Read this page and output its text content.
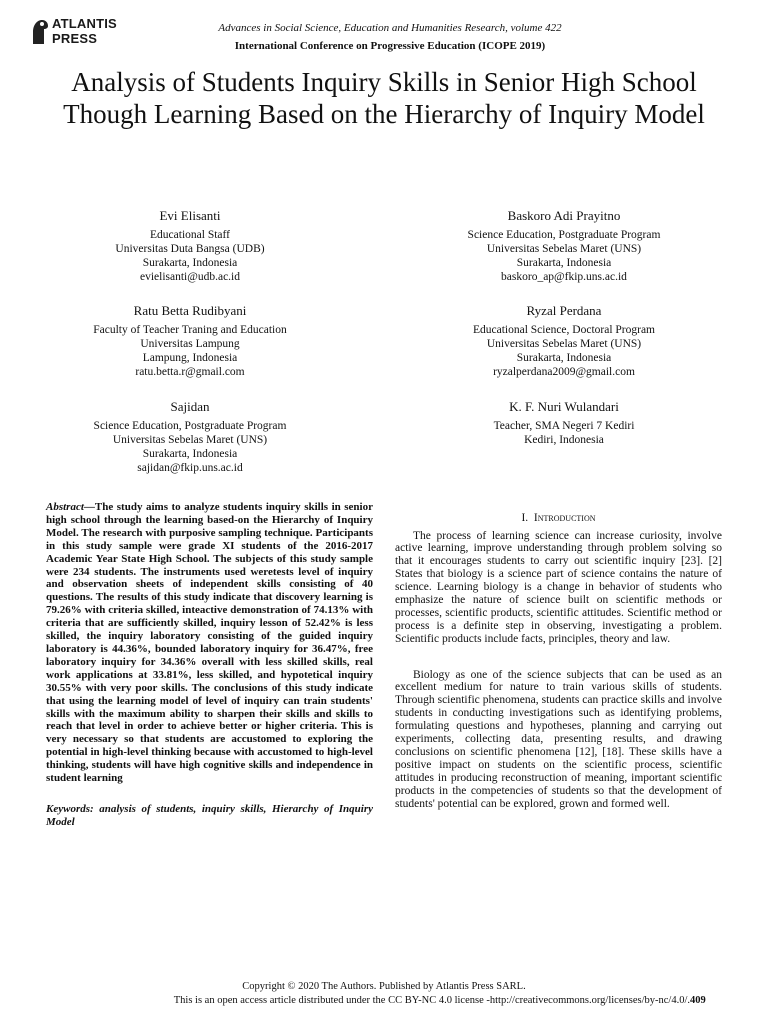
ATLANTIS
PRESS
Advances in Social Science, Education and Humanities Research, volume 422
International Conference on Progressive Education (ICOPE 2019)
Analysis of Students Inquiry Skills in Senior High School Though Learning Based on the Hierarchy of Inquiry Model
Evi Elisanti
Educational Staff
Universitas Duta Bangsa (UDB)
Surakarta, Indonesia
evielisanti@udb.ac.id
Baskoro Adi Prayitno
Science Education, Postgraduate Program
Universitas Sebelas Maret (UNS)
Surakarta, Indonesia
baskoro_ap@fkip.uns.ac.id
Ratu Betta Rudibyani
Faculty of Teacher Traning and Education
Universitas Lampung
Lampung, Indonesia
ratu.betta.r@gmail.com
Ryzal Perdana
Educational Science, Doctoral Program
Universitas Sebelas Maret (UNS)
Surakarta, Indonesia
ryzalperdana2009@gmail.com
Sajidan
Science Education, Postgraduate Program
Universitas Sebelas Maret (UNS)
Surakarta, Indonesia
sajidan@fkip.uns.ac.id
K. F. Nuri Wulandari
Teacher, SMA Negeri 7 Kediri
Kediri, Indonesia
Abstract—The study aims to analyze students inquiry skills in senior high school through the learning based-on the Hierarchy of Inquiry Model. The research with purposive sampling technique. Participants in this study sample were grade XI students of the 2016-2017 Academic Year State High School. The subjects of this study sample were 234 students. The instruments used weretests level of inquiry and observation sheets of independent skills consisting of 40 questions. The results of this study indicate that discovery learning is 79.26% with criteria skilled, inteactive demonstration of 74.13% with criteria that are sufficiently skilled, inquiry lesson of 52.42% is less skilled, the inquiry laboratory consisting of the guided inquiry laboratory is 44.36%, bounded laboratory inquiry for 36.47%, free laboratory inquiry for 34.36% overall with less skilled skills, real work applications at 33.81%, less skilled, and hypotetical inquiry 30.55% with very poor skills. The conclusions of this study indicate that using the learning model of level of inquiry can train students' skills with the maximum ability to sharpen their skills and skills to reach that level in order to achieve better or higher criteria. This is very necessary so that students are accustomed to exploring the potential in high-level thinking because with accustomed to high-level thinking, students will have high cognitive skills and independence in student learning
Keywords: analysis of students, inquiry skills, Hierarchy of Inquiry Model
I. Introduction

The process of learning science can increase curiosity, involve active learning, improve understanding through problem solving so that it encourages students to carry out scientific inquiry [23]. [2] States that biology is a science part of science contains the nature of science. Learning biology is a change in behavior of students who emphasize the nature of science built on scientific methods or processes, scientific products, scientific attitudes. Scientific method or process is a definite step in observing, investigating a problem. Scientific products include facts, principles, theory and law.

Biology as one of the science subjects that can be used as an excellent medium for nature to train various skills of students. Through scientific phenomena, students can practice skills and involve students in conducting investigations such as identifying problems, formulating questions and hypotheses, planning and carrying out experiments, collecting data, presenting results, and drawing conclusions on scientific phenomena [12], [18]. These skills have a positive impact on students on the scientific process, scientific attitudes in producing reconstruction of meaning, important scientific products in the competencies of students so that the development of students' potential can be explored, grown and formed well.

Copyright © 2020 The Authors. Published by Atlantis Press SARL.
This is an open access article distributed under the CC BY-NC 4.0 license -http://creativecommons.org/licenses/by-nc/4.0/. 409
